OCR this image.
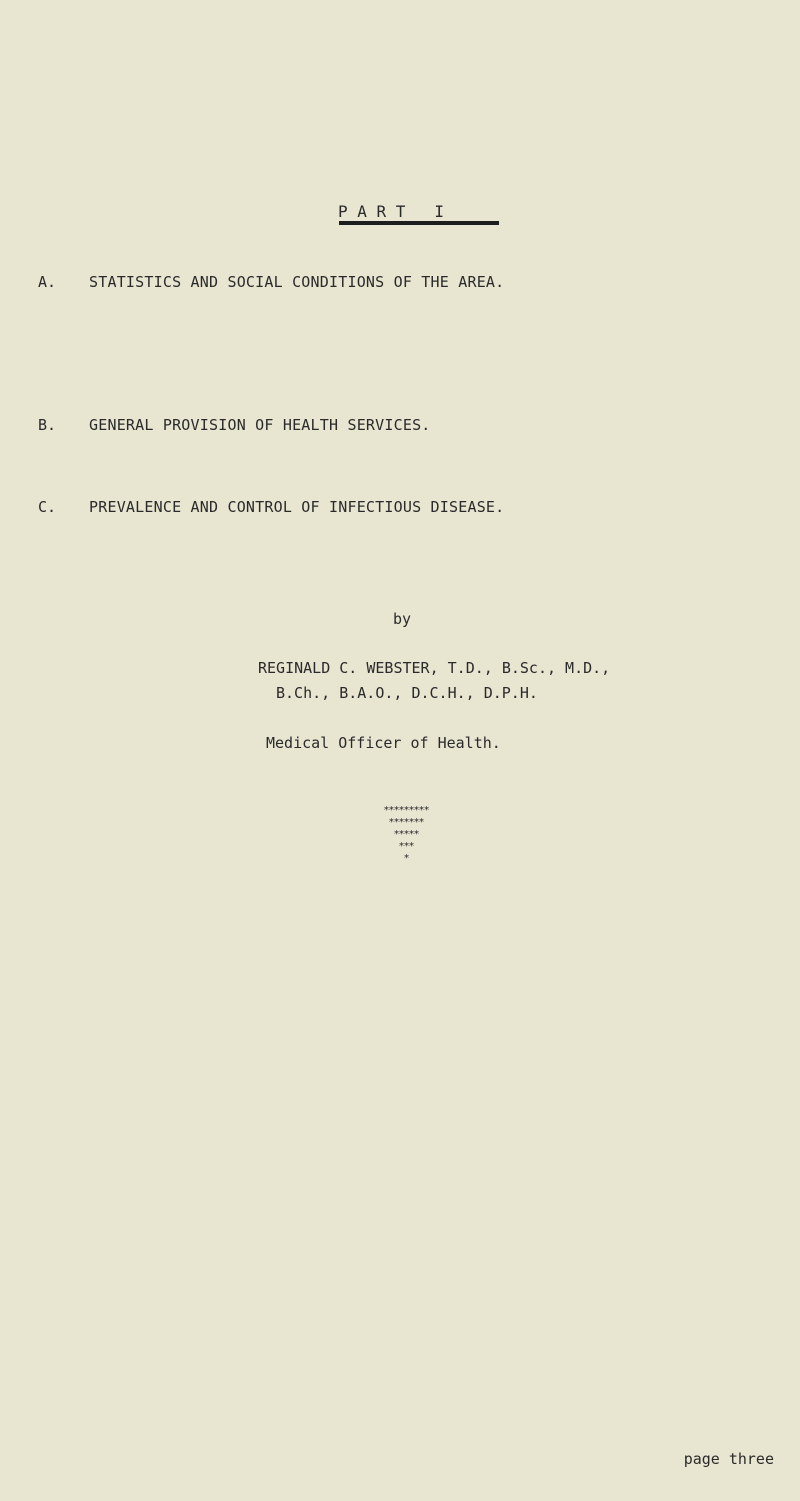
P A R T   I
A. STATISTICS AND SOCIAL CONDITIONS OF THE AREA.
B. GENERAL PROVISION OF HEALTH SERVICES.
C. PREVALENCE AND CONTROL OF INFECTIOUS DISEASE.
by
REGINALD C. WEBSTER, T.D., B.Sc., M.D.,
B.Ch., B.A.O., D.C.H., D.P.H.
Medical Officer of Health.
*********
*******
*****
***
*
page three
